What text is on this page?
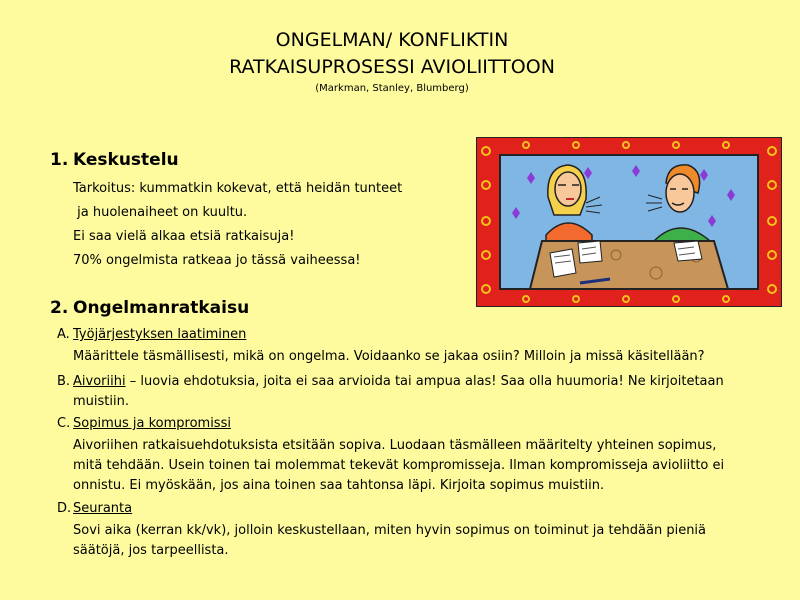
ONGELMAN/ KONFLIKTIN
RATKAISUPROSESSI AVIOLIITTOON
(Markman, Stanley, Blumberg)
1. Keskustelu
Tarkoitus: kummatkin kokevat, että heidän tunteet
ja huolenaiheet on kuultu.
Ei saa vielä alkaa etsiä ratkaisuja!
70% ongelmista ratkeaa jo tässä vaiheessa!
2. Ongelmanratkaisu
A. Työjärjestyksen laatiminen
Määrittele täsmällisesti, mikä on ongelma. Voidaanko se jakaa osiin? Milloin ja missä käsitellään?
B. Aivoriihi – luovia ehdotuksia, joita ei saa arvioida tai ampua alas! Saa olla huumoria! Ne kirjoitetaan
muistiin.
C. Sopimus ja kompromissi
Aivoriihen ratkaisuehdotuksista etsitään sopiva. Luodaan täsmälleen määritelty yhteinen sopimus,
mitä tehdään. Usein toinen tai molemmat tekevät kompromisseja. Ilman kompromisseja avioliitto ei
onnistu. Ei myöskään, jos aina toinen saa tahtonsa läpi. Kirjoita sopimus muistiin.
D. Seuranta
Sovi aika (kerran kk/vk), jolloin keskustellaan, miten hyvin sopimus on toiminut ja tehdään pieniä
säätöjä, jos tarpeellista.
